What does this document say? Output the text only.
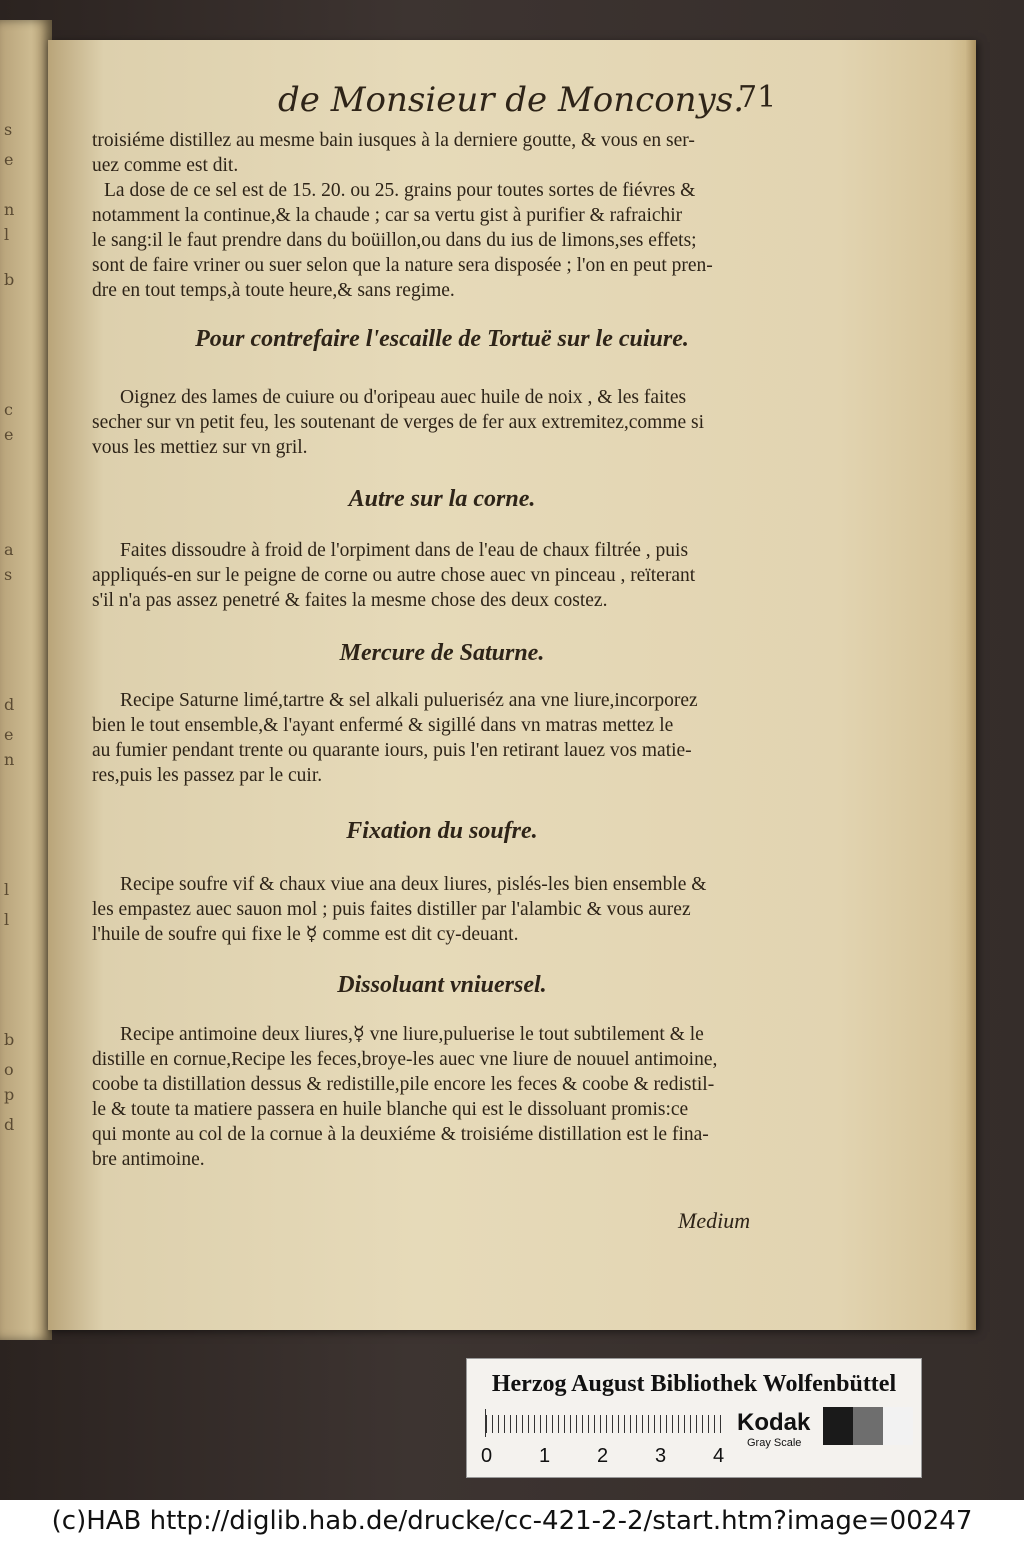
s
e
n
l
b
c
e
a
s
d
e
n
l
l
b
o
p
d
de Monsieur de Monconys.
71

troisiéme distillez au mesme bain iusques à la derniere goutte, & vous en ser-
uez comme est dit.
La dose de ce sel est de 15. 20. ou 25. grains pour toutes sortes de fiévres &
notamment la continue,& la chaude ; car sa vertu gist à purifier & rafraichir
le sang:il le faut prendre dans du boüillon,ou dans du ius de limons,ses effets;
sont de faire vriner ou suer selon que la nature sera disposée ; l'on en peut pren-
dre en tout temps,à toute heure,& sans regime.

Pour contrefaire l'escaille de Tortuë sur le cuiure.

Oignez des lames de cuiure ou d'oripeau auec huile de noix , & les faites
secher sur vn petit feu, les soutenant de verges de fer aux extremitez,comme si
vous les mettiez sur vn gril.

Autre sur la corne.

Faites dissoudre à froid de l'orpiment dans de l'eau de chaux filtrée , puis
appliqués-en sur le peigne de corne ou autre chose auec vn pinceau , reïterant
s'il n'a pas assez penetré & faites la mesme chose des deux costez.

Mercure de Saturne.

Recipe Saturne limé,tartre & sel alkali pulueriséz ana vne liure,incorporez
bien le tout ensemble,& l'ayant enfermé & sigillé dans vn matras mettez le
au fumier pendant trente ou quarante iours, puis l'en retirant lauez vos matie-
res,puis les passez par le cuir.

Fixation du soufre.

Recipe soufre vif & chaux viue ana deux liures, pislés-les bien ensemble &
les empastez auec sauon mol ; puis faites distiller par l'alambic & vous aurez
l'huile de soufre qui fixe le ☿ comme est dit cy-deuant.

Dissoluant vniuersel.

Recipe antimoine deux liures,☿ vne liure,puluerise le tout subtilement & le
distille en cornue,Recipe les feces,broye-les auec vne liure de nouuel antimoine,
coobe ta distillation dessus & redistille,pile encore les feces & coobe & redistil-
le & toute ta matiere passera en huile blanche qui est le dissoluant promis:ce
qui monte au col de la cornue à la deuxiéme & troisiéme distillation est le fina-
bre antimoine.

Medium
Herzog August Bibliothek Wolfenbüttel
0 1 2 3 4
Kodak
Gray Scale
(c)HAB http://diglib.hab.de/drucke/cc-421-2-2/start.htm?image=00247
